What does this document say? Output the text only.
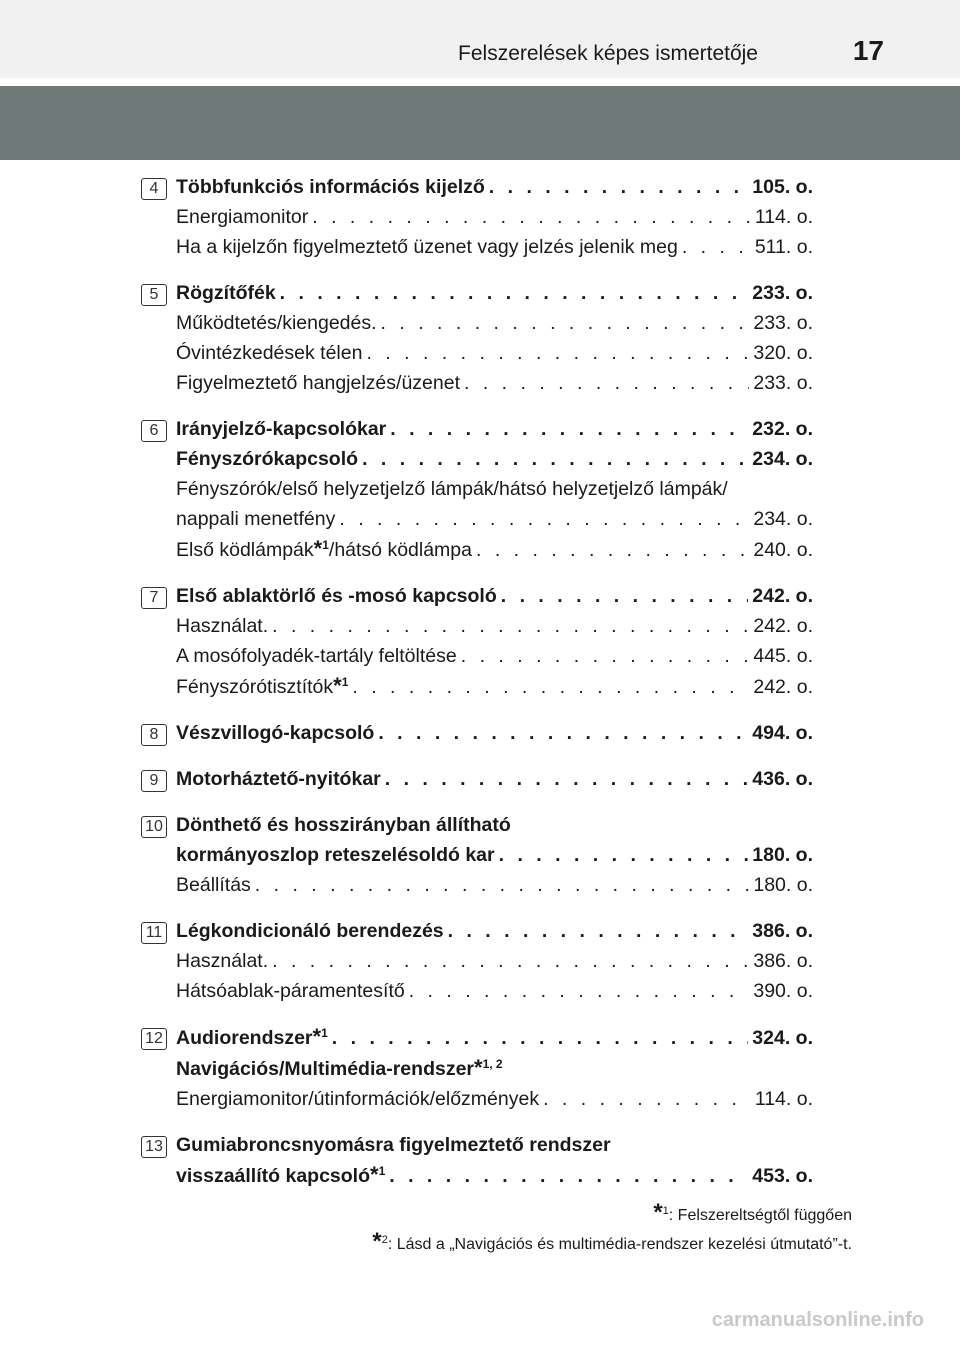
Felszerelések képes ismertetője	17
4 Többfunkciós információs kijelző . . .	105. o.
Energiamonitor . . .	114. o.
Ha a kijelzőn figyelmeztető üzenet vagy jelzés jelenik meg . . .	511. o.
5 Rögzítőfék . . .	233. o.
Működtetés/kiengedés. . . .	233. o.
Óvintézkedések télen . . .	320. o.
Figyelmeztető hangjelzés/üzenet . . .	233. o.
6 Irányjelző-kapcsolókar . . .	232. o.
Fényszórókapcsoló . . .	234. o.
Fényszórók/első helyzetjelző lámpák/hátsó helyzetjelző lámpák/
nappali menetfény . . .	234. o.
Első ködlámpák*$^1$/hátsó ködlámpa . . .	240. o.
7 Első ablaktörlő és -mosó kapcsoló . . .	242. o.
Használat. . . .	242. o.
A mosófolyadék-tartály feltöltése . . .	445. o.
Fényszórótisztítók*$^1$ . . .	242. o.
8 Vészvillogó-kapcsoló . . .	494. o.
9 Motorháztető-nyitókar . . .	436. o.
10 Dönthető és hosszirányban állítható
kormányoszlop reteszelésoldó kar . . .	180. o.
Beállítás . . .	180. o.
11 Légkondicionáló berendezés . . .	386. o.
Használat. . . .	386. o.
Hátsóablak-páramentesítő . . .	390. o.
12 Audiorendszer*$^1$ . . .	324. o.
Navigációs/Multimédia-rendszer*$^{1, 2}$
Energiamonitor/útinformációk/előzmények . . .	114. o.
13 Gumiabroncsnyomásra figyelmeztető rendszer
visszaállító kapcsoló*$^1$ . . .	453. o.
*$^1$: Felszereltségtől függően
*$^2$: Lásd a „Navigációs és multimédia-rendszer kezelési útmutató”-t.
carmanualsonline.info
